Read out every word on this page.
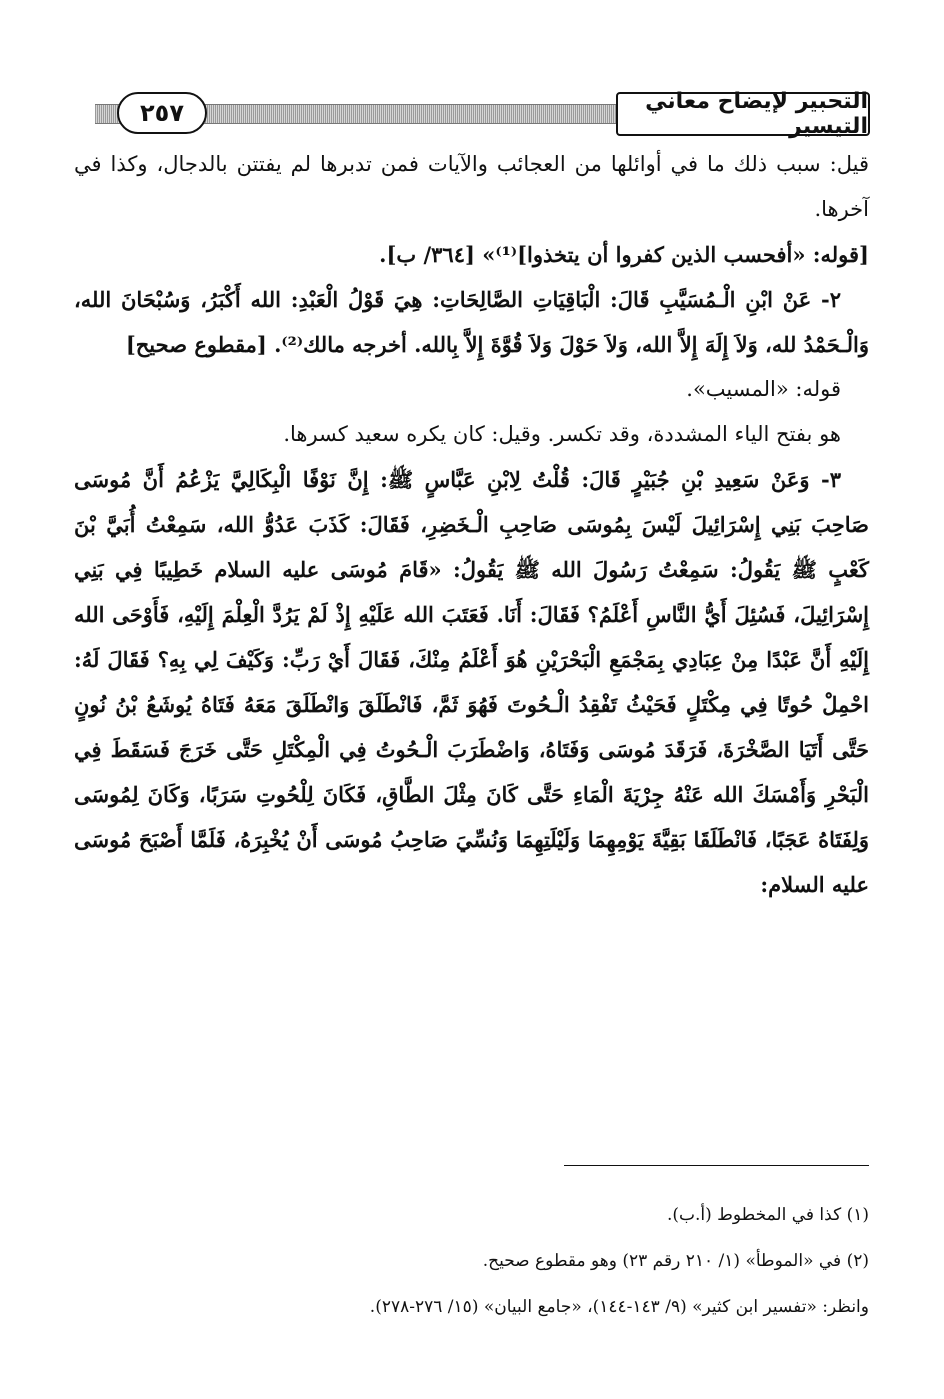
التحبير لإيضاح معاني التيسير
٢٥٧

قيل: سبب ذلك ما في أوائلها من العجائب والآيات فمن تدبرها لم يفتتن بالدجال، وكذا في آخرها.

[قوله: «أفحسب الذين كفروا أن يتخذوا]⁽¹⁾» [٣٦٤/ ب].

٢- عَنْ ابْنِ الْـمُسَيَّبِ قَالَ: الْبَاقِيَاتِ الصَّالِحَاتِ: هِيَ قَوْلُ الْعَبْدِ: الله أَكْبَرُ، وَسُبْحَانَ الله، وَالْـحَمْدُ لله، وَلاَ إِلَهَ إِلاَّ الله، وَلاَ حَوْلَ وَلاَ قُوَّةَ إِلاَّ بِالله. أخرجه مالك⁽²⁾. [مقطوع صحيح]

قوله: «المسيب».

هو بفتح الياء المشددة، وقد تكسر. وقيل: كان يكره سعيد كسرها.

٣- وَعَنْ سَعِيدِ بْنِ جُبَيْرٍ قَالَ: قُلْتُ لِابْنِ عَبَّاسٍ ﷺ: إِنَّ نَوْفًا الْبِكَالِيَّ يَزْعُمُ أَنَّ مُوسَى صَاحِبَ بَنِي إِسْرَائِيلَ لَيْسَ بِمُوسَى صَاحِبِ الْـخَضِرِ، فَقَالَ: كَذَبَ عَدُوُّ الله، سَمِعْتُ أُبَيَّ بْنَ كَعْبٍ ﷺ يَقُولُ: سَمِعْتُ رَسُولَ الله ﷺ يَقُولُ: «قَامَ مُوسَى عليه السلام خَطِيبًا فِي بَنِي إِسْرَائِيلَ، فَسُئِلَ أَيُّ النَّاسِ أَعْلَمُ؟ فَقَالَ: أَنَا. فَعَتَبَ الله عَلَيْهِ إِذْ لَمْ يَرُدَّ الْعِلْمَ إِلَيْهِ، فَأَوْحَى الله إِلَيْهِ أَنَّ عَبْدًا مِنْ عِبَادِي بِمَجْمَعِ الْبَحْرَيْنِ هُوَ أَعْلَمُ مِنْكَ، فَقَالَ أَيْ رَبِّ: وَكَيْفَ لِي بِهِ؟ فَقَالَ لَهُ: احْمِلْ حُوتًا فِي مِكْتَلٍ فَحَيْثُ تَفْقِدُ الْـحُوتَ فَهُوَ ثَمَّ، فَانْطَلَقَ وَانْطَلَقَ مَعَهُ فَتَاهُ يُوشَعُ بْنُ نُونٍ حَتَّى أَتَيَا الصَّخْرَةَ، فَرَقَدَ مُوسَى وَفَتَاهُ، وَاضْطَرَبَ الْـحُوتُ فِي الْمِكْتَلِ حَتَّى خَرَجَ فَسَقَطَ فِي الْبَحْرِ وَأَمْسَكَ الله عَنْهُ جِرْيَةَ الْمَاءِ حَتَّى كَانَ مِثْلَ الطَّاقِ، فَكَانَ لِلْحُوتِ سَرَبًا، وَكَانَ لِمُوسَى وَلِفَتَاهُ عَجَبًا، فَانْطَلَقَا بَقِيَّةَ يَوْمِهِمَا وَلَيْلَتِهِمَا وَنُسِّيَ صَاحِبُ مُوسَى أَنْ يُخْبِرَهُ، فَلَمَّا أَصْبَحَ مُوسَى عليه السلام:

(١) كذا في المخطوط (أ.ب).

(٢) في «الموطأ» (١/ ٢١٠ رقم ٢٣) وهو مقطوع صحيح.

وانظر: «تفسير ابن كثير» (٩/ ١٤٣-١٤٤)، «جامع البيان» (١٥/ ٢٧٦-٢٧٨).
